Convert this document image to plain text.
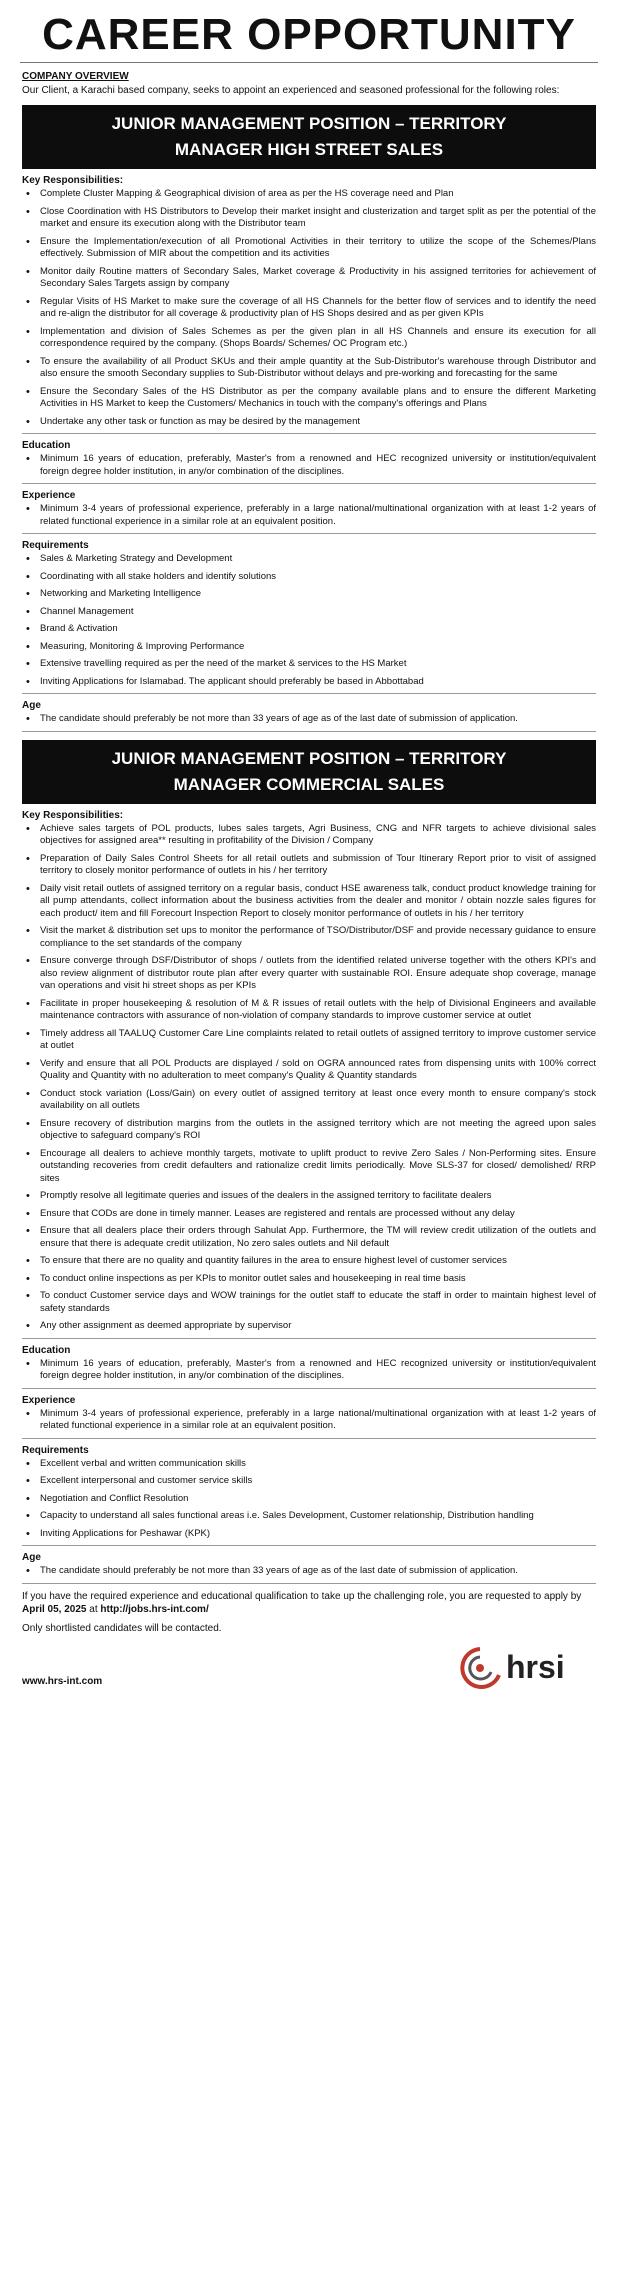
CAREER OPPORTUNITY
COMPANY OVERVIEW
Our Client, a Karachi based company, seeks to appoint an experienced and seasoned professional for the following roles:
JUNIOR MANAGEMENT POSITION – TERRITORY
MANAGER HIGH STREET SALES
Key Responsibilities:
• Complete Cluster Mapping & Geographical division of area as per the HS coverage need and Plan
• Close Coordination with HS Distributors to Develop their market insight and clusterization and target split as per the potential of the market and ensure its execution along with the Distributor team
• Ensure the Implementation/execution of all Promotional Activities in their territory to utilize the scope of the Schemes/Plans effectively. Submission of MIR about the competition and its activities
• Monitor daily Routine matters of Secondary Sales, Market coverage & Productivity in his assigned territories for achievement of Secondary Sales Targets assign by company
• Regular Visits of HS Market to make sure the coverage of all HS Channels for the better flow of services and to identify the need and re-align the distributor for all coverage & productivity plan of HS Shops desired and as per given KPIs
• Implementation and division of Sales Schemes as per the given plan in all HS Channels and ensure its execution for all correspondence required by the company. (Shops Boards/ Schemes/ OC Program etc.)
• To ensure the availability of all Product SKUs and their ample quantity at the Sub-Distributor's warehouse through Distributor and also ensure the smooth Secondary supplies to Sub-Distributor without delays and pre-working and forecasting for the same
• Ensure the Secondary Sales of the HS Distributor as per the company available plans and to ensure the different Marketing Activities in HS Market to keep the Customers/ Mechanics in touch with the company's offerings and Plans
• Undertake any other task or function as may be desired by the management
Education
• Minimum 16 years of education, preferably, Master's from a renowned and HEC recognized university or institution/equivalent foreign degree holder institution, in any/or combination of the disciplines.
Experience
• Minimum 3-4 years of professional experience, preferably in a large national/multinational organization with at least 1-2 years of related functional experience in a similar role at an equivalent position.
Requirements
• Sales & Marketing Strategy and Development
• Coordinating with all stake holders and identify solutions
• Networking and Marketing Intelligence
• Channel Management
• Brand & Activation
• Measuring, Monitoring & Improving Performance
• Extensive travelling required as per the need of the market & services to the HS Market
• Inviting Applications for Islamabad. The applicant should preferably be based in Abbottabad
Age
• The candidate should preferably be not more than 33 years of age as of the last date of submission of application.
JUNIOR MANAGEMENT POSITION – TERRITORY
MANAGER COMMERCIAL SALES
Key Responsibilities:
• Achieve sales targets of POL products, lubes sales targets, Agri Business, CNG and NFR targets to achieve divisional sales objectives for assigned area** resulting in profitability of the Division / Company
• Preparation of Daily Sales Control Sheets for all retail outlets and submission of Tour Itinerary Report prior to visit of assigned territory to closely monitor performance of outlets in his / her territory
• Daily visit retail outlets of assigned territory on a regular basis, conduct HSE awareness talk, conduct product knowledge training for all pump attendants, collect information about the business activities from the dealer and monitor / obtain nozzle sales figures for each product/ item and fill Forecourt Inspection Report to closely monitor performance of outlets in his / her territory
• Visit the market & distribution set ups to monitor the performance of TSO/Distributor/DSF and provide necessary guidance to ensure compliance to the set standards of the company
• Ensure converge through DSF/Distributor of shops / outlets from the identified related universe together with the others KPI's and also review alignment of distributor route plan after every quarter with sustainable ROI. Ensure adequate shop coverage, manage van operations and visit hi street shops as per KPIs
• Facilitate in proper housekeeping & resolution of M & R issues of retail outlets with the help of Divisional Engineers and available maintenance contractors with assurance of non-violation of company standards to improve customer service at outlet
• Timely address all TAALUQ Customer Care Line complaints related to retail outlets of assigned territory to improve customer service at outlet
• Verify and ensure that all POL Products are displayed / sold on OGRA announced rates from dispensing units with 100% correct Quality and Quantity with no adulteration to meet company's Quality & Quantity standards
• Conduct stock variation (Loss/Gain) on every outlet of assigned territory at least once every month to ensure company's stock availability on all outlets
• Ensure recovery of distribution margins from the outlets in the assigned territory which are not meeting the agreed upon sales objective to safeguard company's ROI
• Encourage all dealers to achieve monthly targets, motivate to uplift product to revive Zero Sales / Non-Performing sites. Ensure outstanding recoveries from credit defaulters and rationalize credit limits periodically. Move SLS-37 for closed/ demolished/ RRP sites
• Promptly resolve all legitimate queries and issues of the dealers in the assigned territory to facilitate dealers
• Ensure that CODs are done in timely manner. Leases are registered and rentals are processed without any delay
• Ensure that all dealers place their orders through Sahulat App. Furthermore, the TM will review credit utilization of the outlets and ensure that there is adequate credit utilization, No zero sales outlets and Nil default
• To ensure that there are no quality and quantity failures in the area to ensure highest level of customer services
• To conduct online inspections as per KPIs to monitor outlet sales and housekeeping in real time basis
• To conduct Customer service days and WOW trainings for the outlet staff to educate the staff in order to maintain highest level of safety standards
• Any other assignment as deemed appropriate by supervisor
Education
• Minimum 16 years of education, preferably, Master's from a renowned and HEC recognized university or institution/equivalent foreign degree holder institution, in any/or combination of the disciplines.
Experience
• Minimum 3-4 years of professional experience, preferably in a large national/multinational organization with at least 1-2 years of related functional experience in a similar role at an equivalent position.
Requirements
• Excellent verbal and written communication skills
• Excellent interpersonal and customer service skills
• Negotiation and Conflict Resolution
• Capacity to understand all sales functional areas i.e. Sales Development, Customer relationship, Distribution handling
• Inviting Applications for Peshawar (KPK)
Age
• The candidate should preferably be not more than 33 years of age as of the last date of submission of application.
If you have the required experience and educational qualification to take up the challenging role, you are requested to apply by April 05, 2025 at http://jobs.hrs-int.com/
Only shortlisted candidates will be contacted.
www.hrs-int.com	hrsi
